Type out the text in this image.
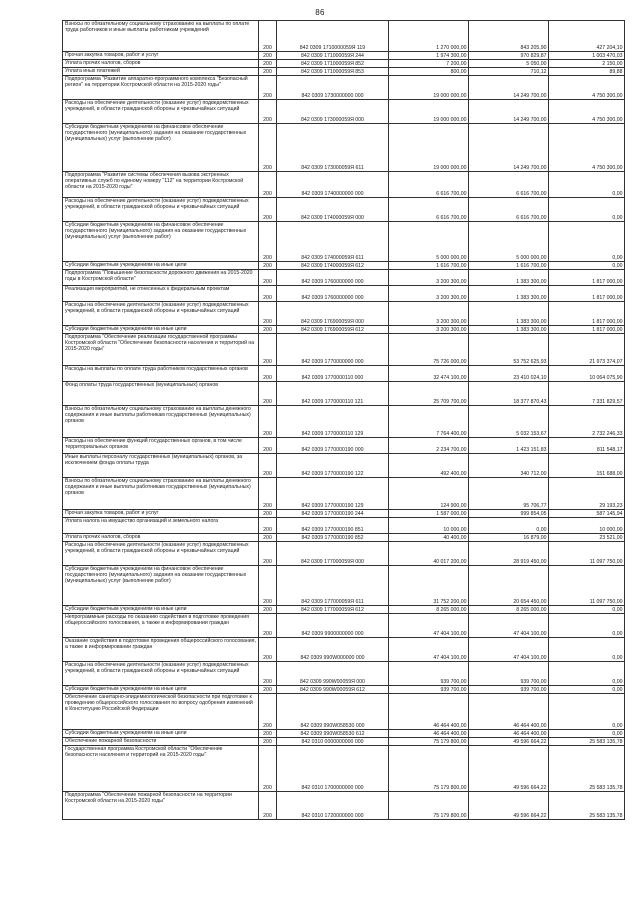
86
Взносы по обязательному социальному страхованию на выплаты по оплате труда работников и иные выплаты работникам учреждений	200	842 0309 1710000059Я 119	1 270 000,00	843 205,90	427 204,10
Прочая закупка товаров, работ и услуг	200	842 0309 171000059Я 244	1 974 300,00	970 829,87	1 003 470,03
Уплата прочих налогов, сборов	200	842 0309 171000059Я 852	7 200,00	5 050,00	2 150,00
Уплата иных платежей	200	842 0309 171000059Я 853	800,00	710,12	89,88
Подпрограмма "Развитие аппаратно-программного комплекса "Безопасный регион" на территории Костромской области на 2015-2020 годы"	200	842 0309 1730000000 000	19 000 000,00	14 249 700,00	4 750 300,00
Расходы на обеспечение деятельности (оказание услуг) подведомственных учреждений, в области гражданской обороны и чрезвычайных ситуаций	200	842 0309 173000059Я 000	19 000 000,00	14 249 700,00	4 750 300,00
Субсидии бюджетным учреждениям на финансовое обеспечение государственного (муниципального) задания на оказание государственных (муниципальных) услуг (выполнение работ)	200	842 0309 173000059Я 611	19 000 000,00	14 249 700,00	4 750 300,00
Подпрограмма "Развитие системы обеспечения вызова экстренных оперативных служб по единому номеру "112" на территории Костромской области на 2015-2020 годы"	200	842 0309 1740000000 000	6 616 700,00	6 616 700,00	0,00
Расходы на обеспечение деятельности (оказание услуг) подведомственных учреждений, в области гражданской обороны и чрезвычайных ситуаций	200	842 0309 174000059Я 000	6 616 700,00	6 616 700,00	0,00
Субсидии бюджетным учреждениям на финансовое обеспечение государственного (муниципального) задания на оказание государственных (муниципальных) услуг (выполнение работ)	200	842 0309 174000059Я 611	5 000 000,00	5 000 000,00	0,00
Субсидии бюджетным учреждениям на иные цели	200	842 0309 174000059Я 612	1 616 700,00	1 616 700,00	0,00
Подпрограмма "Повышение безопасности дорожного движения на 2015-2020 годы в Костромской области"	200	842 0309 1760000000 000	3 200 300,00	1 383 300,00	1 817 000,00
Реализация мероприятий, не отнесенных к федеральным проектам	200	842 0309 1760000000 000	3 200 300,00	1 383 300,00	1 817 000,00
Расходы на обеспечение деятельности (оказание услуг) подведомственных учреждений, в области гражданской обороны и чрезвычайных ситуаций	200	842 0309 176900059Я 000	3 200 300,00	1 383 300,00	1 817 000,00
Субсидии бюджетным учреждениям на иные цели	200	842 0309 176900059Я 612	3 200 300,00	1 383 300,00	1 817 000,00
Подпрограмма "Обеспечение реализации государственной программы Костромской области "Обеспечение безопасности населения и территорий на 2015-2020 годы"	200	842 0309 1770000000 000	75 726 000,00	53 752 625,93	21 973 374,07
Расходы на выплаты по оплате труда работников государственных органов	200	842 0309 1770000110 000	32 474 100,00	23 410 024,10	10 064 075,90
Фонд оплаты труда государственных (муниципальных) органов	200	842 0309 1770000110 121	25 709 700,00	18 377 870,43	7 331 829,57
Взносы по обязательному социальному страхованию на выплаты денежного содержания и иные выплаты работникам государственных (муниципальных) органов	200	842 0309 1770000110 129	7 764 400,00	5 032 153,67	2 732 246,33
Расходы на обеспечение функций государственных органов, в том числе территориальных органов	200	842 0309 1770000190 000	2 234 700,00	1 423 151,83	811 548,17
Иные выплаты персоналу государственных (муниципальных) органов, за исключением фонда оплаты труда	200	842 0309 1770000190 122	492 400,00	340 712,00	151 688,00
Взносы по обязательному социальному страхованию на выплаты денежного содержания и иные выплаты работникам государственных (муниципальных) органов	200	842 0309 1770000190 129	124 900,00	95 706,77	29 193,23
Прочая закупка товаров, работ и услуг	200	842 0309 1770000190 244	1 587 000,00	999 854,05	587 145,94
Уплата налога на имущество организаций и земельного налога	200	842 0309 1770000190 851	10 000,00	0,00	10 000,00
Уплата прочих налогов, сборов	200	842 0309 1770000190 852	40 400,00	16 879,00	23 521,00
Расходы на обеспечение деятельности (оказание услуг) подведомственных учреждений, в области гражданской обороны и чрезвычайных ситуаций	200	842 0309 177000059Я 000	40 017 200,00	28 919 450,00	11 097 750,00
Субсидии бюджетным учреждениям на финансовое обеспечение государственного (муниципального) задания на оказание государственных (муниципальных) услуг (выполнение работ)	200	842 0309 177000059Я 611	31 752 200,00	20 654 450,00	11 097 750,00
Субсидии бюджетным учреждениям на иные цели	200	842 0309 177000059Я 612	8 265 000,00	8 265 000,00	0,00
Непрограммные расходы по оказанию содействия в подготовке проведения общероссийского голосования, а также в информировании граждан	200	842 0309 9900000000 000	47 404 100,00	47 404 100,00	0,00
Оказание содействия в подготовке проведения общероссийского голосования, а также в информировании граждан	200	842 0309 990W000000 000	47 404 100,00	47 404 100,00	0,00
Расходы на обеспечение деятельности (оказание услуг) подведомственных учреждений, в области гражданской обороны и чрезвычайных ситуаций	200	842 0309 990W00059Я 000	939 700,00	939 700,00	0,00
Субсидии бюджетным учреждениям на иные цели	200	842 0309 990W00059Я 612	939 700,00	939 700,00	0,00
Обеспечение санитарно-эпидемиологической безопасности при подготовке к проведению общероссийского голосования по вопросу одобрения изменений в Конституцию Российской Федерации	200	842 0309 990W058530 000	46 464 400,00	46 464 400,00	0,00
Субсидии бюджетным учреждениям на иные цели	200	842 0309 990W058530 612	46 464 400,00	46 464 400,00	0,00
Обеспечение пожарной безопасности	200	842 0310 0000000000 000	75 179 800,00	49 596 664,22	25 583 135,78
Государственная программа Костромской области "Обеспечение безопасности населения и территорий на 2015-2020 годы"	200	842 0310 1700000000 000	75 179 800,00	49 596 664,22	25 583 135,78
Подпрограмма "Обеспечение пожарной безопасности на территории Костромской области на 2015-2020 годы"	200	842 0310 1720000000 000	75 179 800,00	49 596 664,22	25 583 135,78
